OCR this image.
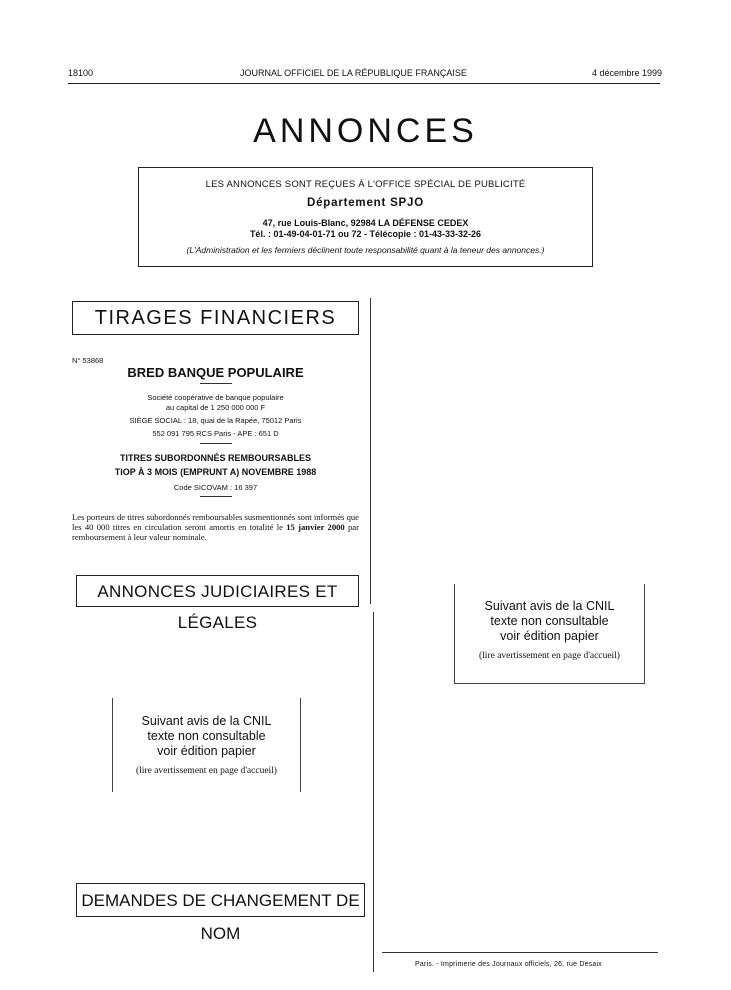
18100	JOURNAL OFFICIEL DE LA RÉPUBLIQUE FRANÇAISE	4 décembre 1999
ANNONCES
LES ANNONCES SONT REÇUES À L'OFFICE SPÉCIAL DE PUBLICITÉ
Département SPJO
47, rue Louis-Blanc, 92984 LA DÉFENSE CEDEX
Tél. : 01-49-04-01-71 ou 72 - Télécopie : 01-43-33-32-26
(L'Administration et les fermiers déclinent toute responsabilité quant à la teneur des annonces.)
TIRAGES FINANCIERS
N° 53868
BRED BANQUE POPULAIRE
Société coopérative de banque populaire
au capital de 1 250 000 000 F
SIÈGE SOCIAL : 18, quai de la Rapée, 75012 Paris
552 091 795 RCS Paris - APE : 651 D
TITRES SUBORDONNÉS REMBOURSABLES
TIOP À 3 MOIS (EMPRUNT A) NOVEMBRE 1988
Code SICOVAM : 16 397
Les porteurs de titres subordonnés remboursables susmentionnés sont informés que les 40 000 titres en circulation seront amortis en totalité le 15 janvier 2000 par remboursement à leur valeur nominale.
ANNONCES JUDICIAIRES ET LÉGALES
Suivant avis de la CNIL
texte non consultable
voir édition papier
(lire avertissement en page d'accueil)
Suivant avis de la CNIL
texte non consultable
voir édition papier
(lire avertissement en page d'accueil)
DEMANDES DE CHANGEMENT DE NOM
Paris. - Imprimerie des Journaux officiels, 26, rue Desaix
